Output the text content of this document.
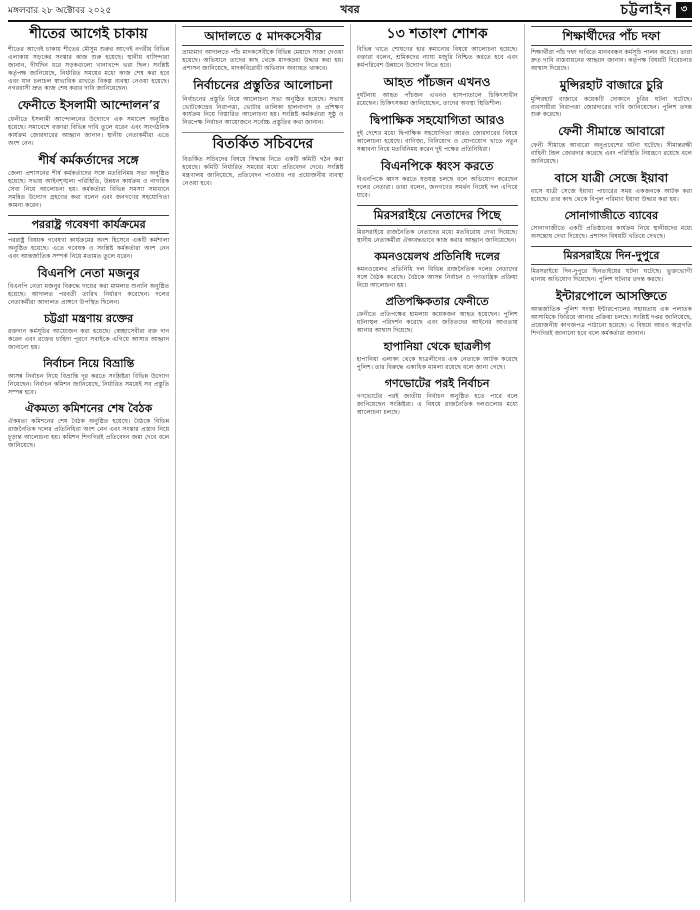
মঙ্গলবার ২৮ অক্টোবর ২০২৫	খবর	চট্টলাইন ৩
শীতের আগেই চাকায়
শীতের আগেই চাকায় শীতের মৌসুম শুরুর আগেই নগরীর বিভিন্ন এলাকায় সড়কের সংস্কার কাজ শুরু হয়েছে। স্থানীয় বাসিন্দারা জানান, দীর্ঘদিন ধরে সড়কগুলো খানাখন্দে ভরা ছিল। সংশ্লিষ্ট কর্তৃপক্ষ জানিয়েছে, নির্ধারিত সময়ের মধ্যে কাজ শেষ করা হবে এবং যান চলাচল স্বাভাবিক রাখতে বিকল্প ব্যবস্থা নেওয়া হয়েছে। নগরবাসী দ্রুত কাজ শেষ করার দাবি জানিয়েছেন।
ফেনীতে ইসলামী আন্দোলন’র
ফেনীতে ইসলামী আন্দোলনের উদ্যোগে এক সমাবেশ অনুষ্ঠিত হয়েছে। সমাবেশে বক্তারা বিভিন্ন দাবি তুলে ধরেন এবং সাংগঠনিক কার্যক্রম জোরদারের আহ্বান জানান। স্থানীয় নেতাকর্মীরা এতে অংশ নেন।
শীর্ষ কর্মকর্তাদের সঙ্গে
জেলা প্রশাসনের শীর্ষ কর্মকর্তাদের সঙ্গে মতবিনিময় সভা অনুষ্ঠিত হয়েছে। সভায় আইনশৃঙ্খলা পরিস্থিতি, উন্নয়ন কার্যক্রম ও নাগরিক সেবা নিয়ে আলোচনা হয়। কর্মকর্তারা বিভিন্ন সমস্যা সমাধানে সমন্বিত উদ্যোগ গ্রহণের কথা বলেন এবং জনগণের সহযোগিতা কামনা করেন।
পররাষ্ট্র গবেষণা কার্যক্রমের
পররাষ্ট্র বিষয়ক গবেষণা কার্যক্রমের অংশ হিসেবে একটি কর্মশালা অনুষ্ঠিত হয়েছে। এতে গবেষক ও সংশ্লিষ্ট কর্মকর্তারা অংশ নেন এবং আন্তর্জাতিক সম্পর্ক নিয়ে মতামত তুলে ধরেন।
বিএনপি নেতা মজনুর
বিএনপি নেতা মজনুর বিরুদ্ধে দায়ের করা মামলার শুনানি অনুষ্ঠিত হয়েছে। আদালত পরবর্তী তারিখ নির্ধারণ করেছেন। দলের নেতাকর্মীরা আদালত প্রাঙ্গণে উপস্থিত ছিলেন।
চট্টগ্রা মন্ত্রণায় রক্তের
রক্তদান কর্মসূচির আয়োজন করা হয়েছে। স্বেচ্ছাসেবীরা রক্ত দান করেন এবং রক্তের চাহিদা পূরণে সবাইকে এগিয়ে আসার আহ্বান জানানো হয়।
নির্বাচন নিয়ে বিভ্রান্তি
আসন্ন নির্বাচন নিয়ে বিভ্রান্তি দূর করতে সংশ্লিষ্টরা বিভিন্ন উদ্যোগ নিয়েছেন। নির্বাচন কমিশন জানিয়েছে, নির্ধারিত সময়েই সব প্রস্তুতি সম্পন্ন হবে।
ঐকমত্য কমিশনের শেষ বৈঠক
ঐকমত্য কমিশনের শেষ বৈঠক অনুষ্ঠিত হয়েছে। বৈঠকে বিভিন্ন রাজনৈতিক দলের প্রতিনিধিরা অংশ নেন এবং সংস্কার প্রস্তাব নিয়ে চূড়ান্ত আলোচনা হয়। কমিশন শিগগিরই প্রতিবেদন জমা দেবে বলে জানিয়েছে।
আদালতে ৫ মাদকসেবীর
ভ্রাম্যমাণ আদালতে পাঁচ মাদকসেবীকে বিভিন্ন মেয়াদে সাজা দেওয়া হয়েছে। অভিযানে তাদের কাছ থেকে মাদকদ্রব্য উদ্ধার করা হয়। প্রশাসন জানিয়েছে, মাদকবিরোধী অভিযান অব্যাহত থাকবে।
নির্বাচনের প্রস্তুতির আলোচনা
নির্বাচনের প্রস্তুতি নিয়ে আলোচনা সভা অনুষ্ঠিত হয়েছে। সভায় ভোটকেন্দ্রের নিরাপত্তা, ভোটার তালিকা হালনাগাদ ও প্রশিক্ষণ কার্যক্রম নিয়ে বিস্তারিত আলোচনা হয়। সংশ্লিষ্ট কর্মকর্তারা সুষ্ঠু ও নিরপেক্ষ নির্বাচন আয়োজনে সর্বোচ্চ প্রস্তুতির কথা জানান।
বিতর্কিত সচিবদের
বিতর্কিত সচিবদের বিষয়ে সিদ্ধান্ত নিতে একটি কমিটি গঠন করা হয়েছে। কমিটি নির্ধারিত সময়ের মধ্যে প্রতিবেদন দেবে। সংশ্লিষ্ট মন্ত্রণালয় জানিয়েছে, প্রতিবেদন পাওয়ার পর প্রয়োজনীয় ব্যবস্থা নেওয়া হবে।
১৩ শতাংশ শোশক
বিভিন্ন খাতে শোষণের হার কমানোর বিষয়ে আলোচনা হয়েছে। বক্তারা বলেন, শ্রমিকদের ন্যায্য মজুরি নিশ্চিত করতে হবে এবং কর্মপরিবেশ উন্নয়নে উদ্যোগ নিতে হবে।
আহত পাঁচজন এখনও
দুর্ঘটনায় আহত পাঁচজন এখনও হাসপাতালে চিকিৎসাধীন রয়েছেন। চিকিৎসকরা জানিয়েছেন, তাদের অবস্থা স্থিতিশীল।
দ্বিপাক্ষিক সহযোগিতা আরও
দুই দেশের মধ্যে দ্বিপাক্ষিক সহযোগিতা আরও জোরদারের বিষয়ে আলোচনা হয়েছে। বাণিজ্য, বিনিয়োগ ও যোগাযোগ খাতে নতুন সম্ভাবনা নিয়ে মতবিনিময় করেন দুই পক্ষের প্রতিনিধিরা।
বিএনপিকে ধ্বংস করতে
বিএনপিকে ধ্বংস করতে ষড়যন্ত্র চলছে বলে অভিযোগ করেছেন দলের নেতারা। তারা বলেন, জনগণের সমর্থন নিয়েই দল এগিয়ে যাবে।
মিরসরাইয়ে নেতাদের পিছে
মিরসরাইয়ে রাজনৈতিক নেতাদের মধ্যে মতবিরোধ দেখা দিয়েছে। স্থানীয় নেতাকর্মীরা ঐক্যবদ্ধভাবে কাজ করার আহ্বান জানিয়েছেন।
কমনওয়েলথ প্রতিনিধি দলের
কমনওয়েলথ প্রতিনিধি দল বিভিন্ন রাজনৈতিক দলের নেতাদের সঙ্গে বৈঠক করেছে। বৈঠকে আসন্ন নির্বাচন ও গণতান্ত্রিক প্রক্রিয়া নিয়ে আলোচনা হয়।
প্রতিপক্ষিকতার ফেনীতে
ফেনীতে প্রতিপক্ষের হামলায় কয়েকজন আহত হয়েছেন। পুলিশ ঘটনাস্থল পরিদর্শন করেছে এবং জড়িতদের আইনের আওতায় আনার আশ্বাস দিয়েছে।
হাপানিয়া থেকে ছাত্রলীগ
হাপানিয়া এলাকা থেকে ছাত্রলীগের এক নেতাকে আটক করেছে পুলিশ। তার বিরুদ্ধে একাধিক মামলা রয়েছে বলে জানা গেছে।
গণভোটের পরই নির্বাচন
গণভোটের পরই জাতীয় নির্বাচন অনুষ্ঠিত হতে পারে বলে জানিয়েছেন সংশ্লিষ্টরা। এ বিষয়ে রাজনৈতিক দলগুলোর মধ্যে আলোচনা চলছে।
শিক্ষার্থীদের পাঁচ দফা
শিক্ষার্থীরা পাঁচ দফা দাবিতে মানববন্ধন কর্মসূচি পালন করেছে। তারা দ্রুত দাবি বাস্তবায়নের আহ্বান জানান। কর্তৃপক্ষ বিষয়টি বিবেচনার আশ্বাস দিয়েছে।
মুন্সিরহাট বাজারে চুরি
মুন্সিরহাট বাজারে কয়েকটি দোকানে চুরির ঘটনা ঘটেছে। ব্যবসায়ীরা নিরাপত্তা জোরদারের দাবি জানিয়েছেন। পুলিশ তদন্ত শুরু করেছে।
ফেনী সীমান্তে আবারো
ফেনী সীমান্তে আবারো অনুপ্রবেশের ঘটনা ঘটেছে। সীমান্তরক্ষী বাহিনী টহল জোরদার করেছে এবং পরিস্থিতি নিয়ন্ত্রণে রয়েছে বলে জানিয়েছে।
বাসে যাত্রী সেজে ইয়াবা
বাসে যাত্রী সেজে ইয়াবা পাচারের সময় একজনকে আটক করা হয়েছে। তার কাছ থেকে বিপুল পরিমাণ ইয়াবা উদ্ধার করা হয়।
সোনাগাজীতে ব্যাবের
সোনাগাজীতে একটি প্রতিষ্ঠানের কার্যক্রম নিয়ে স্থানীয়দের মধ্যে অসন্তোষ দেখা দিয়েছে। প্রশাসন বিষয়টি খতিয়ে দেখছে।
মিরসরাইয়ে দিন-দুপুরে
মিরসরাইয়ে দিন-দুপুরে ছিনতাইয়ের ঘটনা ঘটেছে। ভুক্তভোগী থানায় অভিযোগ দিয়েছেন। পুলিশ ঘটনার তদন্ত করছে।
ইন্টারপোলে আসক্তিতে
আন্তর্জাতিক পুলিশ সংস্থা ইন্টারপোলের সহায়তায় এক পলাতক আসামিকে ফিরিয়ে আনার প্রক্রিয়া চলছে। সংশ্লিষ্ট দপ্তর জানিয়েছে, প্রয়োজনীয় কাগজপত্র পাঠানো হয়েছে। এ বিষয়ে আরও অগ্রগতি শিগগিরই জানানো হবে বলে কর্মকর্তারা জানান।
